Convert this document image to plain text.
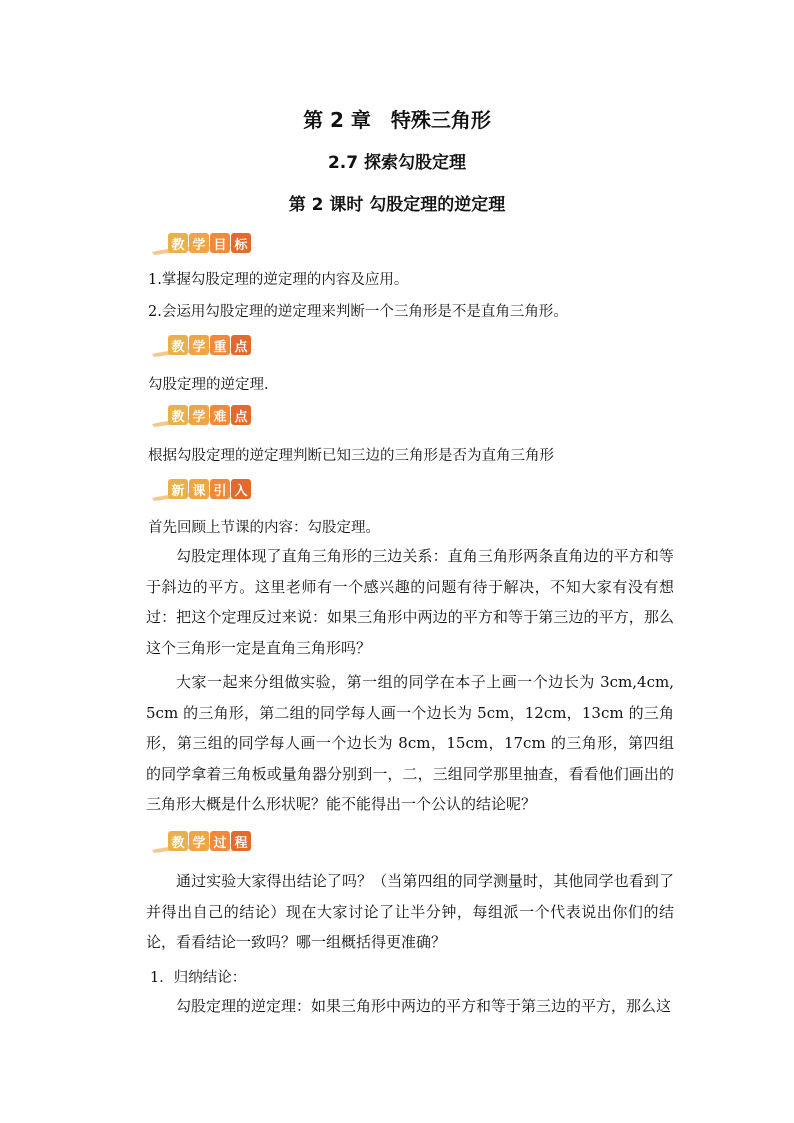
第 2 章　特殊三角形
2.7 探索勾股定理
第 2 课时 勾股定理的逆定理
教 学 目 标

1.掌握勾股定理的逆定理的内容及应用。

2.会运用勾股定理的逆定理来判断一个三角形是不是直角三角形。

教 学 重 点

勾股定理的逆定理.

教 学 难 点

根据勾股定理的逆定理判断已知三边的三角形是否为直角三角形

新 课 引 入

首先回顾上节课的内容：勾股定理。

勾股定理体现了直角三角形的三边关系：直角三角形两条直角边的平方和等于斜边的平方。这里老师有一个感兴趣的问题有待于解决，不知大家有没有想过：把这个定理反过来说：如果三角形中两边的平方和等于第三边的平方，那么这个三角形一定是直角三角形吗？

大家一起来分组做实验，第一组的同学在本子上画一个边长为 3cm,4cm, 5cm 的三角形，第二组的同学每人画一个边长为 5cm，12cm，13cm 的三角形，第三组的同学每人画一个边长为 8cm，15cm，17cm 的三角形，第四组的同学拿着三角板或量角器分别到一，二，三组同学那里抽查，看看他们画出的三角形大概是什么形状呢？能不能得出一个公认的结论呢？

教 学 过 程

通过实验大家得出结论了吗？（当第四组的同学测量时，其他同学也看到了并得出自己的结论）现在大家讨论了让半分钟，每组派一个代表说出你们的结论，看看结论一致吗？哪一组概括得更准确？

1．归纳结论：

勾股定理的逆定理：如果三角形中两边的平方和等于第三边的平方，那么这
